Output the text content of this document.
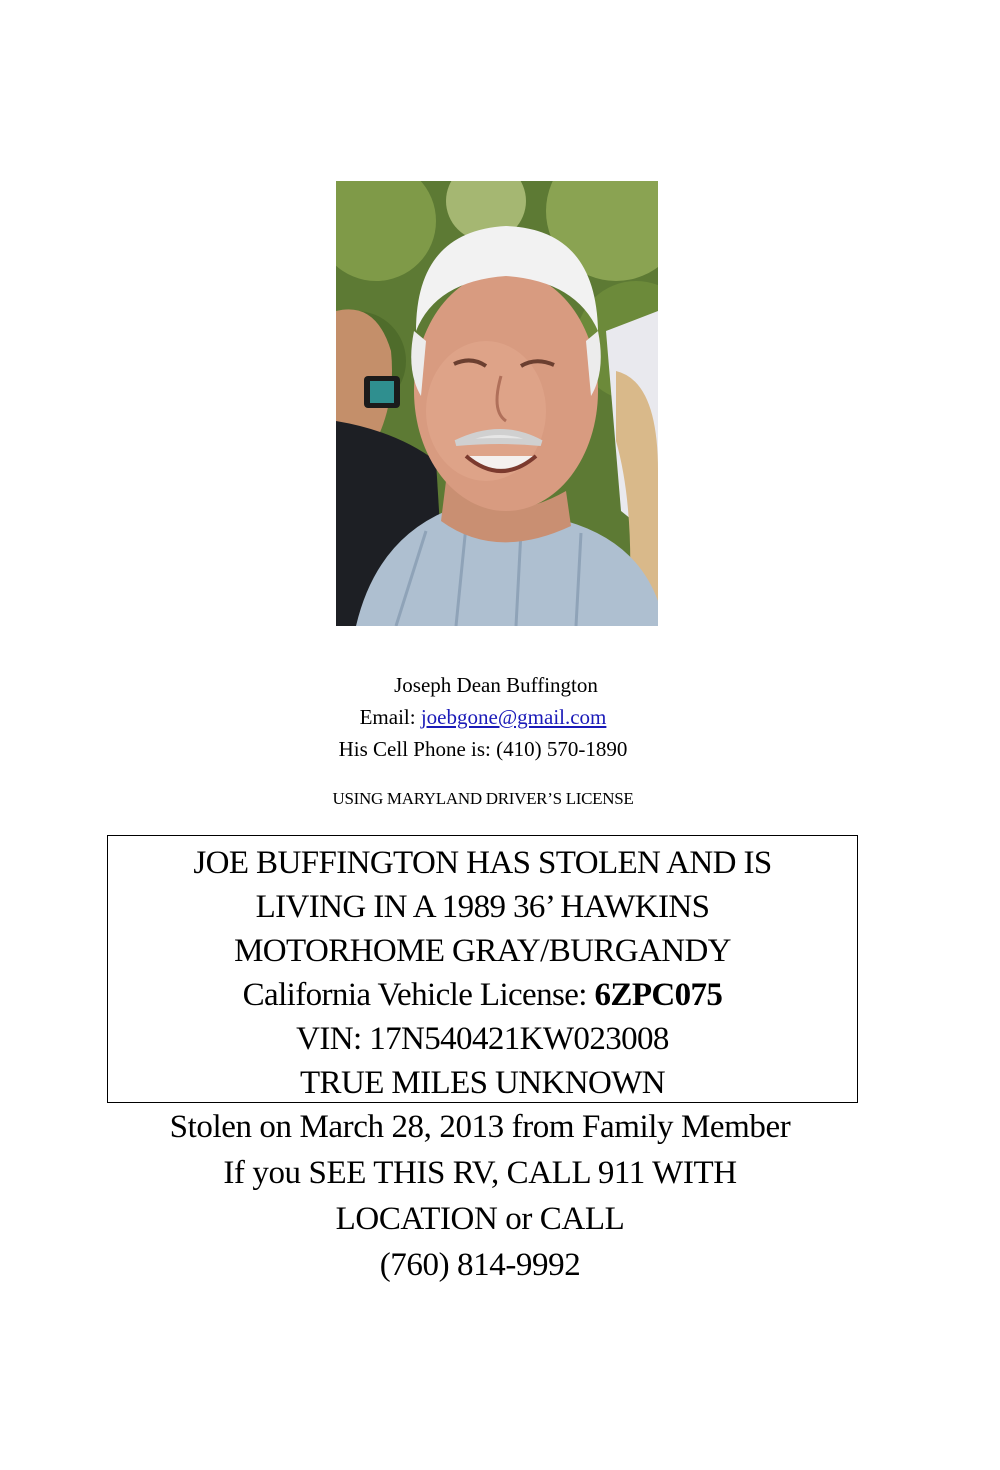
Joseph Dean Buffington
Email: joebgone@gmail.com
His Cell Phone is: (410) 570-1890
USING MARYLAND DRIVER’S LICENSE
JOE BUFFINGTON HAS STOLEN AND IS
LIVING IN A 1989 36’ HAWKINS
MOTORHOME GRAY/BURGANDY
California Vehicle License: 6ZPC075
VIN: 17N540421KW023008
TRUE MILES UNKNOWN
Stolen on March 28, 2013 from Family Member
If you SEE THIS RV, CALL 911 WITH
LOCATION or CALL
(760) 814-9992
